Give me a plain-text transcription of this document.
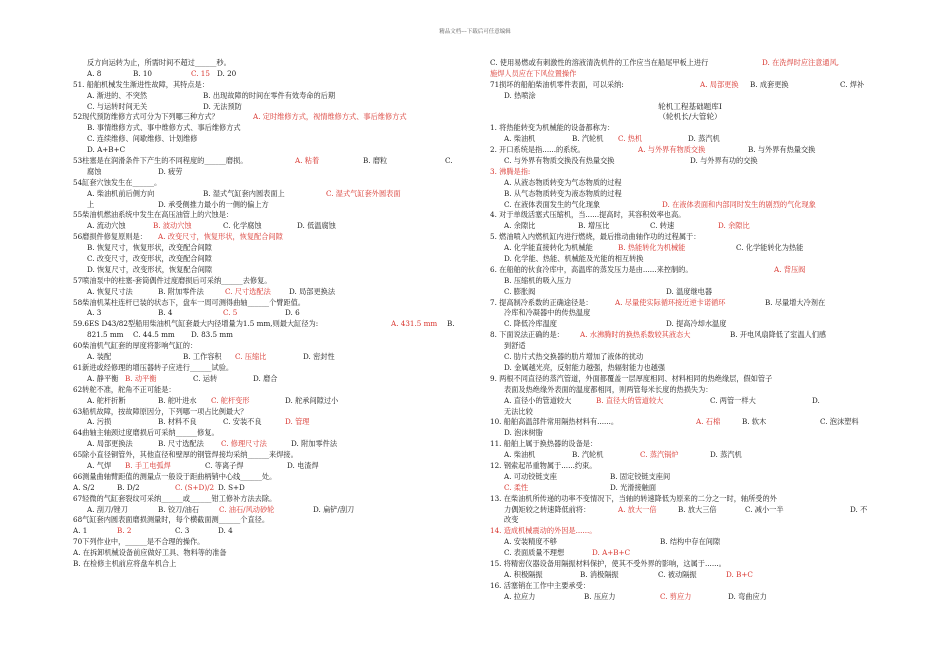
精品文档---下载后可任意编辑
反方向运转为止，所需时间不超过______秒。
A. 8	B. 10	C. 15 D. 20
51. 船舶机械发生渐进性故障，其特点是：
A. 渐进的、不突然	B. 出现故障的时间在零件有效寿命的后期
C. 与运转时间无关	D. 无法预防
52现代预防维修方式可分为下列哪三种方式？	A. 定时维修方式，视情维修方式、事后维修方式
B. 事情维修方式、事中维修方式、事后维修方式
C. 连续维修、间歇维修、计划维修
D. A+B+C
53柱塞是在润滑条件下产生的不同程度的______磨损。	A. 粘着	B. 磨粒	C.
腐蚀	D. 疲劳
54缸套穴蚀发生在______。
A. 柴油机前后侧方向	B. 湿式气缸套内圆表面上	C. 湿式气缸套外圆表面
上	D. 承受侧推力最小的一侧的偏上方
55柴油机燃油系统中发生在高压油管上的穴蚀是：
A. 流动穴蚀	B. 波动穴蚀	C. 化学腐蚀	D. 低温腐蚀
56磨损件修复原则是： A. 改变尺寸，恢复形状，恢复配合间隙
B. 恢复尺寸，恢复形状，改变配合间隙
C. 改变尺寸，改变形状，改变配合间隙
D. 恢复尺寸，改变形状，恢复配合间隙
57喷油泵中的柱塞-套筒偶件过度磨损后可采纳______去修复。
A. 恢复尺寸法	B. 附加零件法	C. 尺寸选配法	D. 局部更换法
58柴油机某柱连杆已装的状态下，盘车一周可测得曲轴______个臂距值。
A. 3	B. 4	C. 5	D. 6
59.6ES D43/82型船用柴油机气缸套最大内径增量为1.5 mm,则最大缸径为:	A. 431.5 mm B.
821.5 mm C. 44.5 mm D. 83.5 mm
60柴油机气缸套的厚度将影响气缸的：
A. 装配	B. 工作容积 C. 压缩比	D. 密封性
61新进或经修理的增压器转子应进行______试验。
A. 静平衡 B. 动平衡	C. 运转	D. 磨合
62转舵不准，舵角不正可能是：
A. 舵杆折断	B. 舵叶进水 C. 舵杆变形	D. 舵承间隙过小
63船机故障，按故障原因分，下列哪一项占比例最大？
A. 污损	B. 材料不良	C. 安装不良	D. 管理
64曲轴主轴颈过度磨损后可采纳______修复。
A. 局部更换法	B. 尺寸选配法 C. 修理尺寸法	D. 附加零件法
65除小直径铜管外，其他直径和壁厚的钢管焊接均采纳______来焊接。
A. 气焊 B. 手工电弧焊	C. 等离子焊	D. 电渣焊
66测量曲轴臂距值的测量点一般设于距曲柄销中心线______处。
A. S/2	B. D/2	C. (S+D)/2 D. S+D
67轻微的气缸套裂纹可采纳______或______钳工修补方法去除。
A. 刮刀/锉刀	B. 铰刀/油石	C. 油石/风动砂轮	D. 扁铲/刮刀
68气缸套内圆表面磨损测量时，每个横截面测______个直径。
A. 1	B. 2	C. 3	D. 4
70下列作业中，______是不合理的操作。
A. 在拆卸机械设备前应做好工具、物料等的准备
B. 在检修主机前应将盘车机合上
C. 使用易燃或有刺激性的溶液清洗机件的工作应当在船尾甲板上进行	D. 在洗焊时应注意通风,
施焊人员应在下风位置操作
71损坏的船舶柴油机零件表面，可以采纳:	A. 局部更换 B. 成套更换	C. 焊补
D. 热喷涂
轮机工程基础题库Ⅰ
（轮机长/大管轮）
1. 将热能转变为机械能的设备都称为：
A. 柴油机	B. 汽轮机 C. 热机	D. 蒸汽机
2. 开口系统是指......的系统。	A. 与外界有物质交换	B. 与外界有热量交换
C. 与外界有物质交换没有热量交换	D. 与外界有功的交换
3. 沸腾是指:
A. 从液态物质转变为气态物质的过程
B. 从气态物质转变为液态物质的过程
C. 在液体表面发生的气化现象	D. 在液体表面和内部同时发生的剧烈的气化现象
4. 对于单级活塞式压缩机，当......提高时，其容积效率也高。
A. 余隙比	B. 增压比	C. 转速	D. 余隙比
5. 燃油喷入内燃机缸内进行燃烧，最后推动曲轴作功的过程属于：
A. 化学能直接转化为机械能	B. 热能转化为机械能	C. 化学能转化为热能
D. 化学能、热能、机械能及光能的相互转换
6. 在船舶的伙食冷库中，高温库的蒸发压力是由......来控制的。	A. 背压阀
B. 压缩机的吸入压力
C. 膨胀阀	D. 温度继电器
7. 提高制冷系数的正确途径是：	A. 尽量使实际循环接近逆卡诺循环	B. 尽量增大冷剂在
冷库和冷凝器中的传热温度
C. 降低冷库温度	D. 提高冷却水温度
8. 下面说法正确的是： A. 水沸腾时的换热系数较其液态大	B. 开电风扇降低了室温人们感
到舒适
C. 肋片式热交换器的肋片增加了液体的扰动
D. 金属越光亮，反射能力越强，热辐射能力也越强
9. 两根不同直径的蒸汽管道，外面都覆盖一层厚度相同、材料相同的热绝缘层，假如管子
表面及热绝缘外表面的温度都相同，则两管每米长度的热损失为：
A. 直径小的管道较大	B. 直径大的管道较大	C. 两管一样大	D.
无法比较
10. 船舶高温部件常用隔热材料有......。	A. 石棉	B. 软木	C. 泡沫塑料
D. 泡沫树脂
11. 船舶上属于换热器的设备是：
A. 柴油机	B. 汽轮机	C. 蒸汽锅炉	D. 蒸汽机
12. 钢索起吊重物属于......约束。
A. 可动铰链支座	B. 固定铰链支座间
C. 柔性	D. 光滑接触面
13. 在柴油机所传递的功率不变情况下，当轴的转速降低为原来的二分之一时，轴所受的外
力偶矩较之转速降低前将：	A. 放大一倍	B. 放大三倍	C. 减小一半	D. 不
改变
14. 造成机械震动的外因是......。
A. 安装精度不够	B. 结构中存在间隙
C. 表面质量不理想	D. A+B+C
15. 将精密仪器设备用隔振材料保护，使其不受外界的影响，这属于......。
A. 积极隔振	B. 消极隔振	C. 被动隔振	D. B+C
16. 活塞销在工作中主要承受：
A. 拉应力	B. 压应力	C. 剪应力	D. 弯曲应力
